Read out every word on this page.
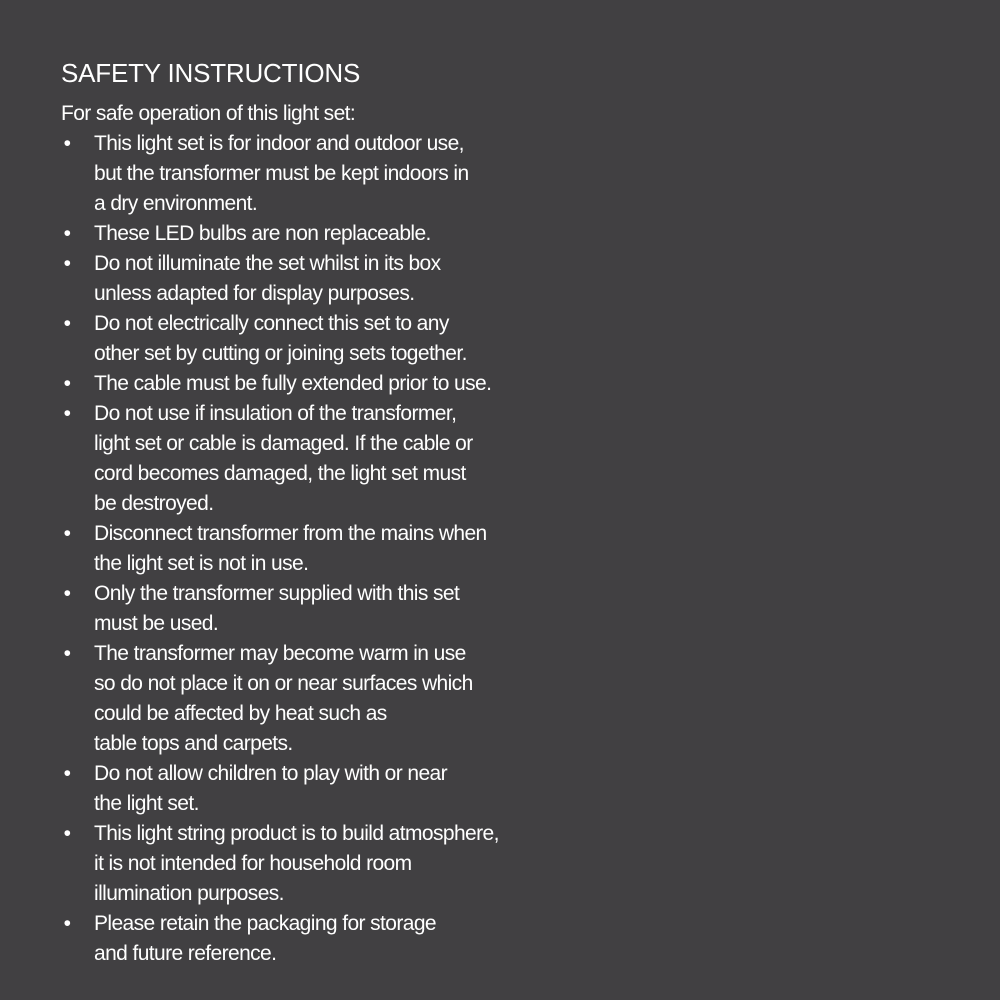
SAFETY INSTRUCTIONS
For safe operation of this light set:
• This light set is for indoor and outdoor use,
but the transformer must be kept indoors in
a dry environment.
• These LED bulbs are non replaceable.
• Do not illuminate the set whilst in its box
unless adapted for display purposes.
• Do not electrically connect this set to any
other set by cutting or joining sets together.
• The cable must be fully extended prior to use.
• Do not use if insulation of the transformer,
light set or cable is damaged. If the cable or
cord becomes damaged, the light set must
be destroyed.
• Disconnect transformer from the mains when
the light set is not in use.
• Only the transformer supplied with this set
must be used.
• The transformer may become warm in use
so do not place it on or near surfaces which
could be affected by heat such as
table tops and carpets.
• Do not allow children to play with or near
the light set.
• This light string product is to build atmosphere,
it is not intended for household room
illumination purposes.
• Please retain the packaging for storage
and future reference.
